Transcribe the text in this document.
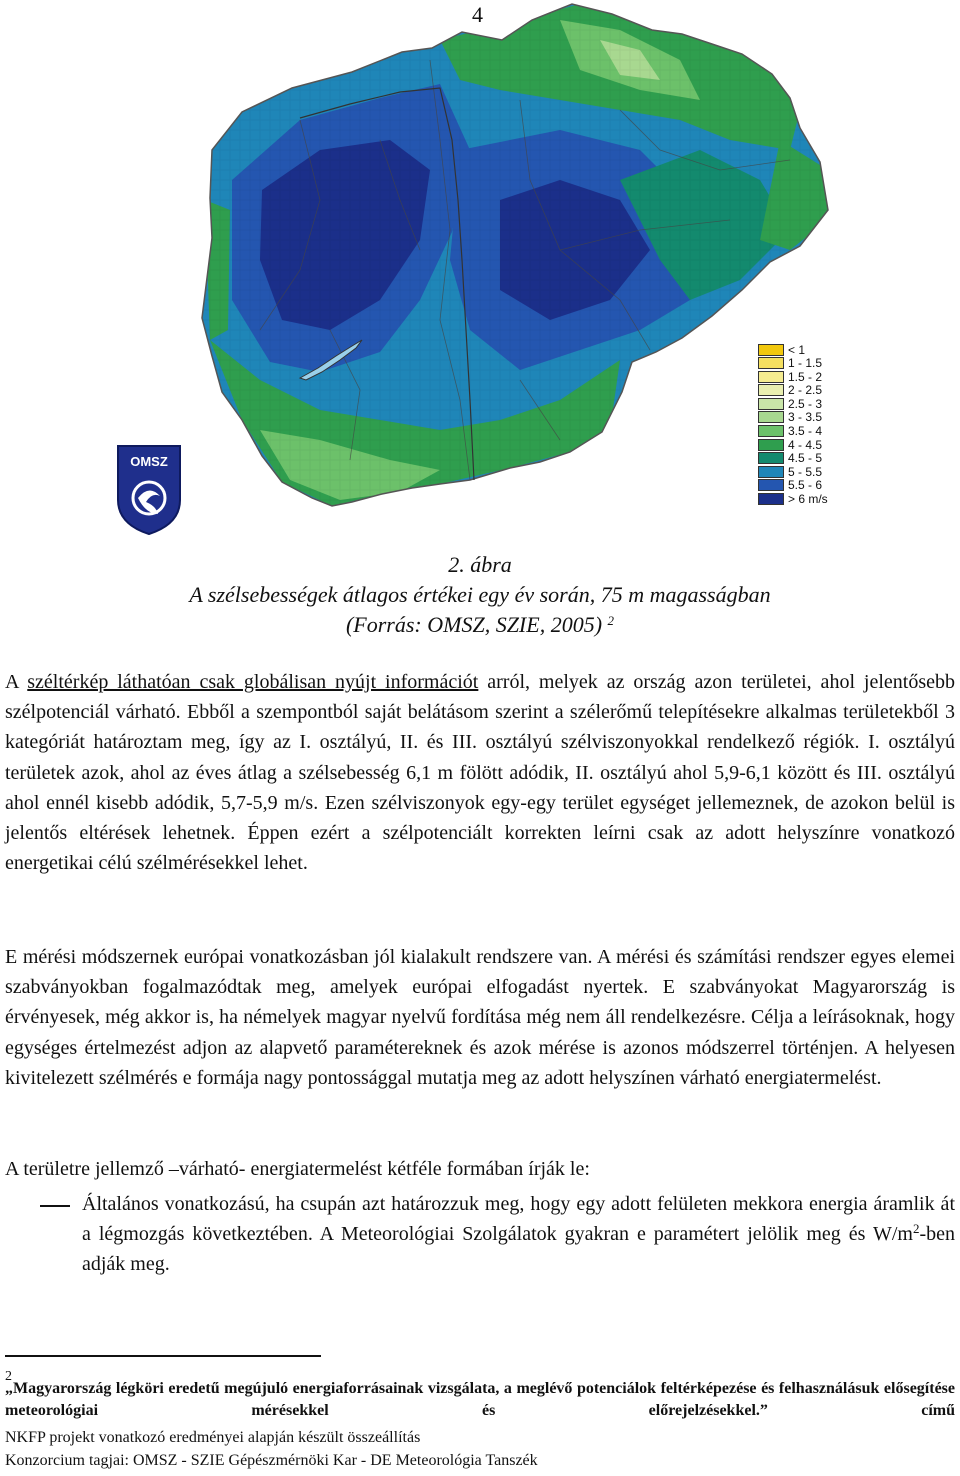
4
OMSZ
< 1
1 - 1.5
1.5 - 2
2 - 2.5
2.5 - 3
3 - 3.5
3.5 - 4
4 - 4.5
4.5 - 5
5 - 5.5
5.5 - 6
> 6 m/s
2. ábra
A szélsebességek átlagos értékei egy év során, 75 m magasságban
(Forrás: OMSZ, SZIE, 2005) $^2$
A széltérkép láthatóan csak globálisan nyújt információt arról, melyek az ország azon területei, ahol jelentősebb szélpotenciál várható. Ebből a szempontból saját belátásom szerint a szélerőmű telepítésekre alkalmas területekből 3 kategóriát határoztam meg, így az I. osztályú, II. és III. osztályú szélviszonyokkal rendelkező régiók. I. osztályú területek azok, ahol az éves átlag a szélsebesség 6,1 m fölött adódik, II. osztályú ahol 5,9-6,1 között és III. osztályú ahol ennél kisebb adódik, 5,7-5,9 m/s. Ezen szélviszonyok egy-egy terület egységet jellemeznek, de azokon belül is jelentős eltérések lehetnek. Éppen ezért a szélpotenciált korrekten leírni csak az adott helyszínre vonatkozó energetikai célú szélmérésekkel lehet.
E mérési módszernek európai vonatkozásban jól kialakult rendszere van. A mérési és számítási rendszer egyes elemei szabványokban fogalmazódtak meg, amelyek európai elfogadást nyertek. E szabványokat Magyarország is érvényesek, még akkor is, ha némelyek magyar nyelvű fordítása még nem áll rendelkezésre. Célja a leírásoknak, hogy egységes értelmezést adjon az alapvető paramétereknek és azok mérése is azonos módszerrel történjen. A helyesen kivitelezett szélmérés e formája nagy pontossággal mutatja meg az adott helyszínen várható energiatermelést.
A területre jellemző –várható- energiatermelést kétféle formában írják le:
Általános vonatkozású, ha csupán azt határozzuk meg, hogy egy adott felületen mekkora energia áramlik át a légmozgás következtében. A Meteorológiai Szolgálatok gyakran e paramétert jelölik meg és $W/m^2$-ben adják meg.
2
„Magyarország légköri eredetű megújuló energiaforrásainak vizsgálata, a meglévő potenciálok feltérképezése és felhasználásuk elősegítése meteorológiai mérésekkel és előrejelzésekkel.” című
NKFP projekt vonatkozó eredményei alapján készült összeállítás
Konzorcium tagjai: OMSZ - SZIE Gépészmérnöki Kar - DE Meteorológia Tanszék
